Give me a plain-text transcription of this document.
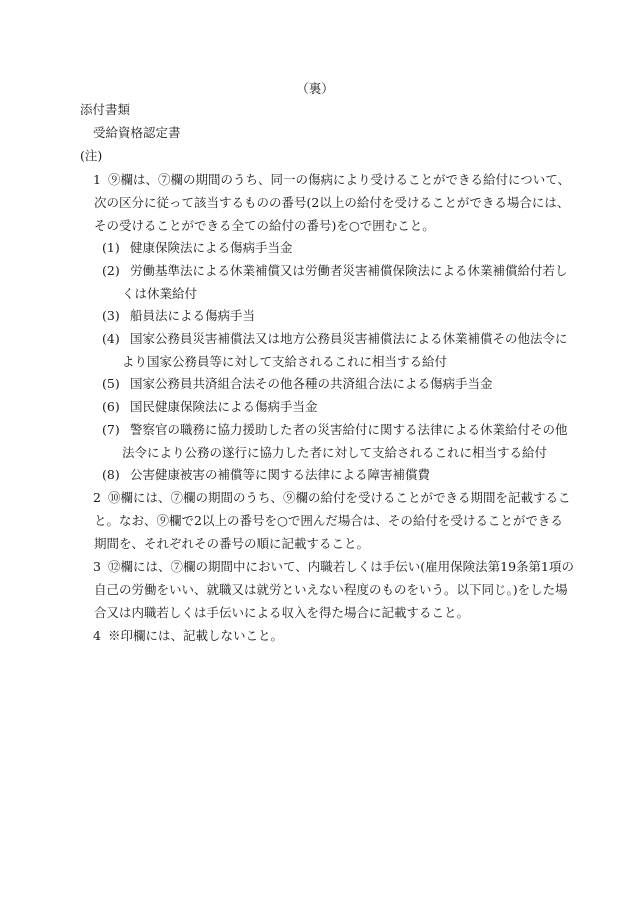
（裏）
添付書類
受給資格認定書
(注)
1 ⑨欄は、⑦欄の期間のうち、同一の傷病により受けることができる給付について、
次の区分に従って該当するものの番号(2以上の給付を受けることができる場合には、
その受けることができる全ての給付の番号)を○で囲むこと。
(1) 健康保険法による傷病手当金
(2) 労働基準法による休業補償又は労働者災害補償保険法による休業補償給付若し
くは休業給付
(3) 船員法による傷病手当
(4) 国家公務員災害補償法又は地方公務員災害補償法による休業補償その他法令に
より国家公務員等に対して支給されるこれに相当する給付
(5) 国家公務員共済組合法その他各種の共済組合法による傷病手当金
(6) 国民健康保険法による傷病手当金
(7) 警察官の職務に協力援助した者の災害給付に関する法律による休業給付その他
法令により公務の遂行に協力した者に対して支給されるこれに相当する給付
(8) 公害健康被害の補償等に関する法律による障害補償費
2 ⑩欄には、⑦欄の期間のうち、⑨欄の給付を受けることができる期間を記載するこ
と。なお、⑨欄で2以上の番号を○で囲んだ場合は、その給付を受けることができる
期間を、それぞれその番号の順に記載すること。
3 ⑫欄には、⑦欄の期間中において、内職若しくは手伝い(雇用保険法第19条第1項の
自己の労働をいい、就職又は就労といえない程度のものをいう。以下同じ。)をした場
合又は内職若しくは手伝いによる収入を得た場合に記載すること。
4 ※印欄には、記載しないこと。
